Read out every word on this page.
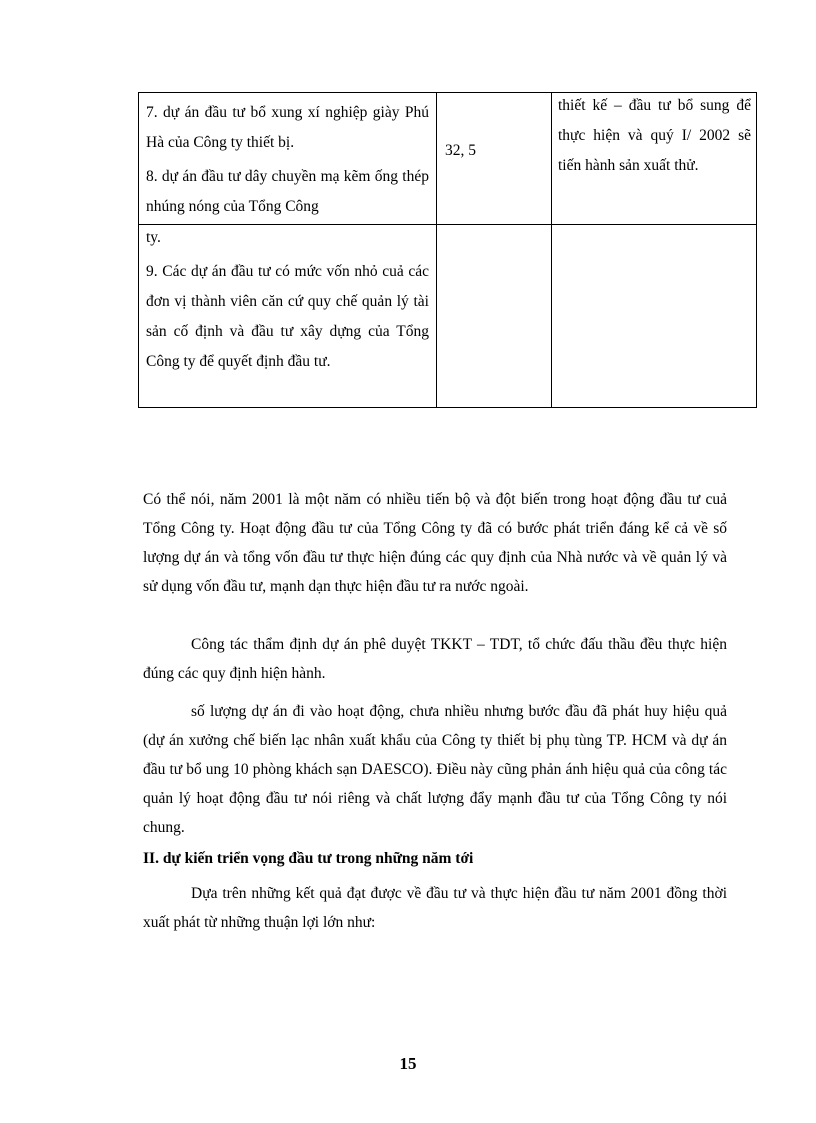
7. dự án đầu tư bổ xung xí nghiệp giày Phú Hà của Công ty thiết bị.

8. dự án đầu tư dây chuyền mạ kẽm ống thép nhúng nóng của Tổng Công

32, 5

thiết kế – đầu tư bổ sung để thực hiện và quý I/ 2002 sẽ tiến hành sản xuất thử.

ty.

9. Các dự án đầu tư có mức vốn nhỏ cuả các đơn vị thành viên căn cứ quy chế quản lý tài sản cố định và đầu tư xây dựng của Tổng Công ty để quyết định đầu tư.

Có thể nói, năm 2001 là một năm có nhiều tiến bộ và đột biến trong hoạt động đầu tư cuả Tổng Công ty. Hoạt động đầu tư của Tổng Công ty đã có bước phát triển đáng kể cả về số lượng dự án và tổng vốn đầu tư thực hiện đúng các quy định của Nhà nước và về quản lý và sử dụng vốn đầu tư, mạnh dạn thực hiện đầu tư ra nước ngoài.

Công tác thẩm định dự án phê duyệt TKKT – TDT, tổ chức đấu thầu đều thực hiện đúng các quy định hiện hành.

số lượng dự án đi vào hoạt động, chưa nhiều nhưng bước đầu đã phát huy hiệu quả (dự án xưởng chế biến lạc nhân xuất khẩu của Công ty thiết bị phụ tùng TP. HCM và dự án đầu tư bổ ung 10 phòng khách sạn DAESCO). Điều này cũng phản ánh hiệu quả của công tác quản lý hoạt động đầu tư nói riêng và chất lượng đẩy mạnh đầu tư của Tổng Công ty nói chung.

II. dự kiến triển vọng đầu tư trong những năm tới

Dựa trên những kết quả đạt được về đầu tư và thực hiện đầu tư năm 2001 đồng thời xuất phát từ những thuận lợi lớn như:

15
